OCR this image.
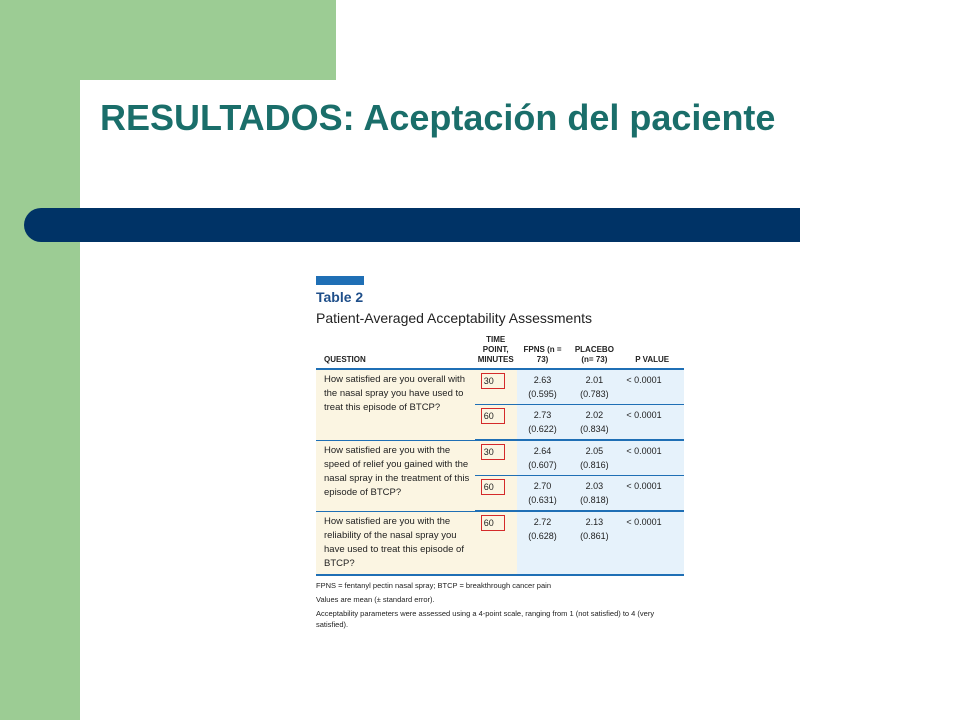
RESULTADOS: Aceptación del paciente
Table 2
Patient-Averaged Acceptability Assessments
QUESTION	TIME POINT, MINUTES	FPNS (n = 73)	PLACEBO (n= 73)	P VALUE
How satisfied are you overall with the nasal spray you have used to treat this episode of BTCP?	30	2.63 (0.595)	2.01 (0.783)	< 0.0001
	60	2.73 (0.622)	2.02 (0.834)	< 0.0001
How satisfied are you with the speed of relief you gained with the nasal spray in the treatment of this episode of BTCP?	30	2.64 (0.607)	2.05 (0.816)	< 0.0001
	60	2.70 (0.631)	2.03 (0.818)	< 0.0001
How satisfied are you with the reliability of the nasal spray you have used to treat this episode of BTCP?	60	2.72 (0.628)	2.13 (0.861)	< 0.0001

FPNS = fentanyl pectin nasal spray; BTCP = breakthrough cancer pain

Values are mean (± standard error).

Acceptability parameters were assessed using a 4-point scale, ranging from 1 (not satisfied) to 4 (very satisfied).
